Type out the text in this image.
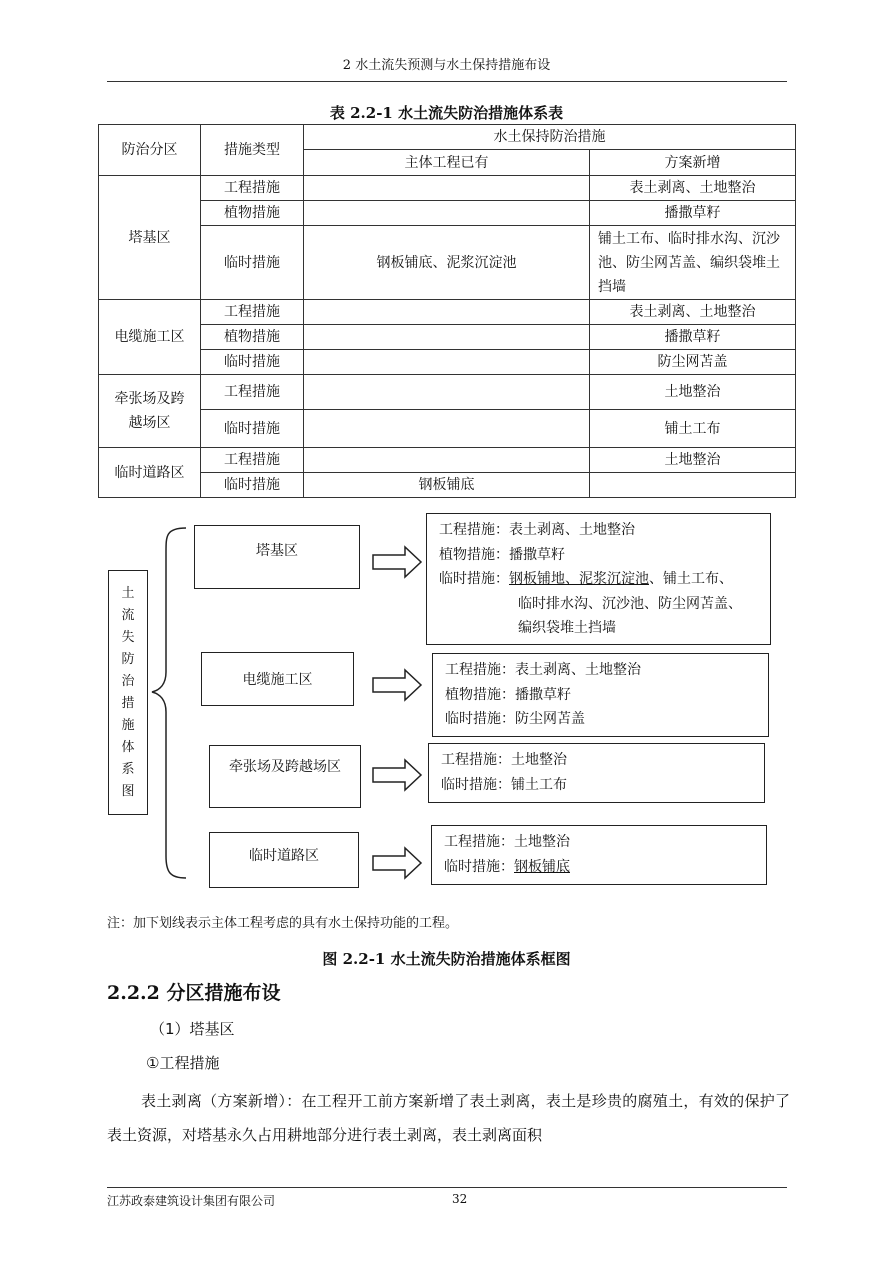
2 水土流失预测与水土保持措施布设
表 2.2-1 水土流失防治措施体系表
防治分区	措施类型	水土保持防治措施	
		主体工程已有	方案新增
塔基区	工程措施		表土剥离、土地整治
	植物措施		播撒草籽
	临时措施	钢板铺底、泥浆沉淀池	铺土工布、临时排水沟、沉沙池、防尘网苫盖、编织袋堆土挡墙
电缆施工区	工程措施		表土剥离、土地整治
	植物措施		播撒草籽
	临时措施		防尘网苫盖
牵张场及跨越场区	工程措施		土地整治
	临时措施		铺土工布
临时道路区	工程措施		土地整治
	临时措施	钢板铺底	
土
流
失
防
治
措
施
体
系
图
塔基区
电缆施工区
牵张场及跨越场区
临时道路区
工程措施：表土剥离、土地整治
植物措施：播撒草籽
临时措施：钢板铺地、泥浆沉淀池、铺土工布、
临时排水沟、沉沙池、防尘网苫盖、
编织袋堆土挡墙
工程措施：表土剥离、土地整治
植物措施：播撒草籽
临时措施：防尘网苫盖
工程措施：土地整治
临时措施：铺土工布
工程措施：土地整治
临时措施：钢板铺底
注：加下划线表示主体工程考虑的具有水土保持功能的工程。
图 2.2-1 水土流失防治措施体系框图
2.2.2 分区措施布设
（1）塔基区
①工程措施
表土剥离（方案新增）：在工程开工前方案新增了表土剥离，表土是珍贵的腐殖土，有效的保护了表土资源，对塔基永久占用耕地部分进行表土剥离，表土剥离面积
江苏政泰建筑设计集团有限公司	32
